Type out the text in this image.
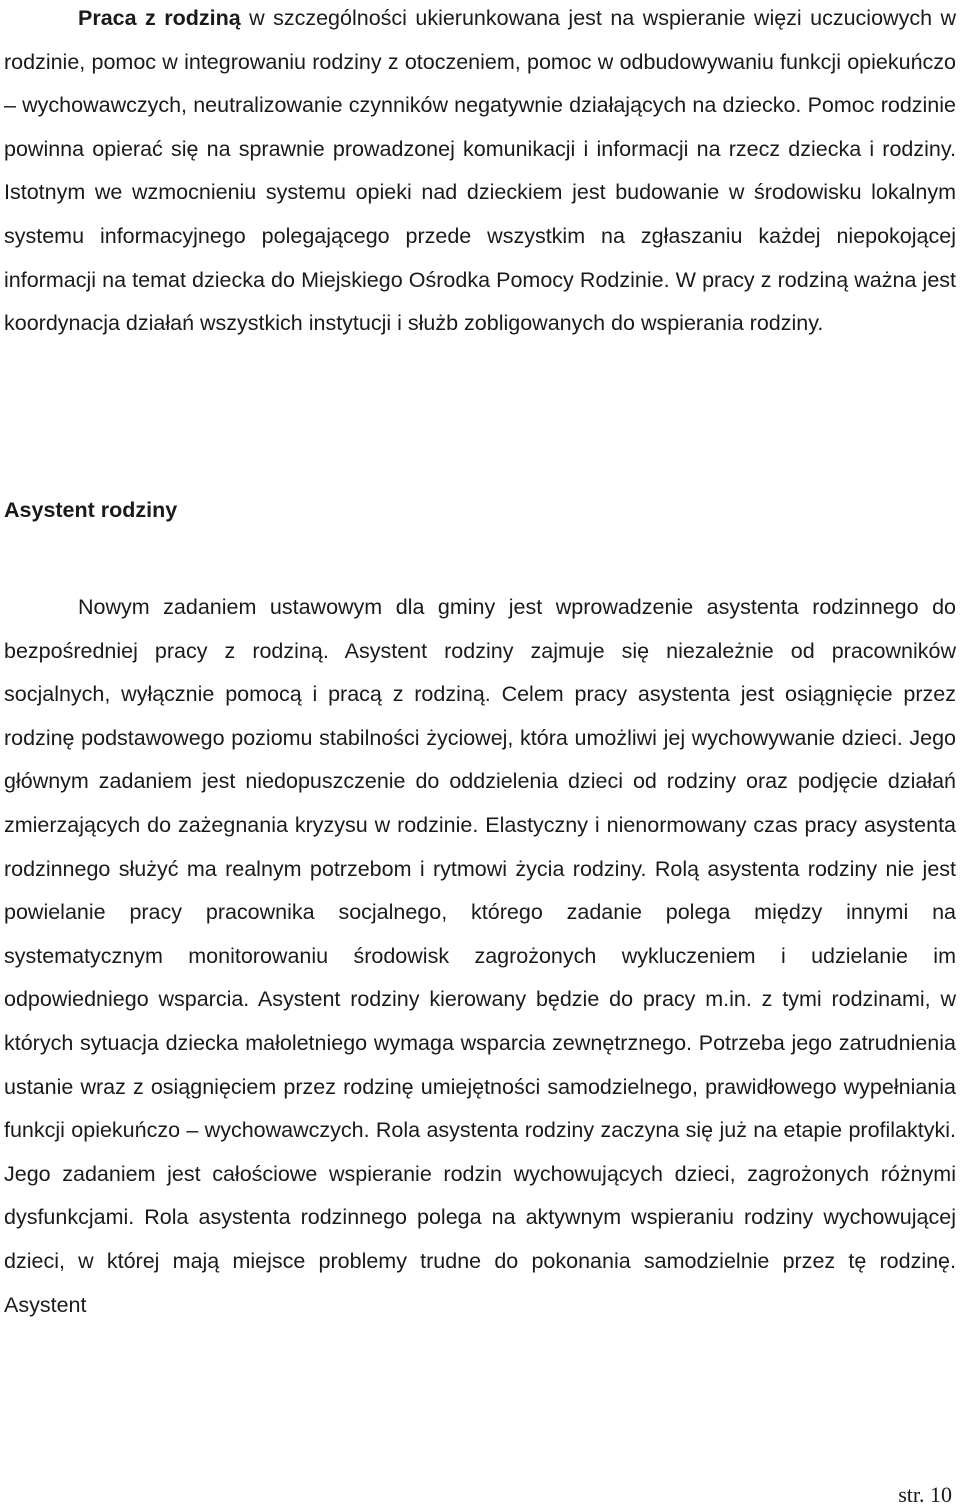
Praca z rodziną w szczególności ukierunkowana jest na wspieranie więzi uczuciowych w rodzinie, pomoc w integrowaniu rodziny z otoczeniem, pomoc w odbudowywaniu funkcji opiekuńczo – wychowawczych, neutralizowanie czynników negatywnie działających na dziecko. Pomoc rodzinie powinna opierać się na sprawnie prowadzonej komunikacji i informacji na rzecz dziecka i rodziny. Istotnym we wzmocnieniu systemu opieki nad dzieckiem jest budowanie w środowisku lokalnym systemu informacyjnego polegającego przede wszystkim na zgłaszaniu każdej niepokojącej informacji na temat dziecka do Miejskiego Ośrodka Pomocy Rodzinie. W pracy z rodziną ważna jest koordynacja działań wszystkich instytucji i służb zobligowanych do wspierania rodziny.

Asystent rodziny

Nowym zadaniem ustawowym dla gminy jest wprowadzenie asystenta rodzinnego do bezpośredniej pracy z rodziną. Asystent rodziny zajmuje się niezależnie od pracowników socjalnych, wyłącznie pomocą i pracą z rodziną. Celem pracy asystenta jest osiągnięcie przez rodzinę podstawowego poziomu stabilności życiowej, która umożliwi jej wychowywanie dzieci. Jego głównym zadaniem jest niedopuszczenie do oddzielenia dzieci od rodziny oraz podjęcie działań zmierzających do zażegnania kryzysu w rodzinie. Elastyczny i nienormowany czas pracy asystenta rodzinnego służyć ma realnym potrzebom i rytmowi życia rodziny. Rolą asystenta rodziny nie jest powielanie pracy pracownika socjalnego, którego zadanie polega między innymi na systematycznym monitorowaniu środowisk zagrożonych wykluczeniem i udzielanie im odpowiedniego wsparcia. Asystent rodziny kierowany będzie do pracy m.in. z tymi rodzinami, w których sytuacja dziecka małoletniego wymaga wsparcia zewnętrznego. Potrzeba jego zatrudnienia ustanie wraz z osiągnięciem przez rodzinę umiejętności samodzielnego, prawidłowego wypełniania funkcji opiekuńczo – wychowawczych. Rola asystenta rodziny zaczyna się już na etapie profilaktyki. Jego zadaniem jest całościowe wspieranie rodzin wychowujących dzieci, zagrożonych różnymi dysfunkcjami. Rola asystenta rodzinnego polega na aktywnym wspieraniu rodziny wychowującej dzieci, w której mają miejsce problemy trudne do pokonania samodzielnie przez tę rodzinę. Asystent

str. 10
